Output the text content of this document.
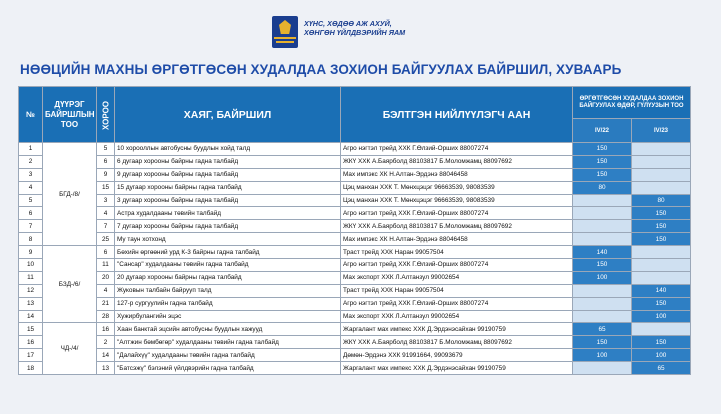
ХҮНС, ХӨДӨӨ АЖ АХУЙ,
ХӨНГӨН ҮЙЛДВЭРИЙН ЯАМ
НӨӨЦИЙН МАХНЫ ӨРГӨТГӨСӨН ХУДАЛДАА ЗОХИОН БАЙГУУЛАХ БАЙРШИЛ, ХУВААРЬ
№	ДҮҮРЭГ БАЙРШЛЫН ТОО	ХОРОО	ХАЯГ, БАЙРШИЛ	БЭЛТГЭН НИЙЛҮҮЛЭГЧ ААН	ӨРГӨТГӨСӨН ХУДАЛДАА ЗОХИОН БАЙГУУЛАХ ӨДӨР, ГҮЛҮУЗЫН ТОО	
					IV/22	IV/23
1	БГД-/8/	5	10 хорооллын автобусны буудлын хойд талд	Агро нэгтэл трейд ХХК Г.Өлзий-Орших 88007274	150	
2		6	6 дугаар хорооны байрны гадна талбайд	ЖКҮ ХХК А.Баярболд 88103817 Б.Моломжамц 88097692	150	
3		9	9 дугаар хорооны байрны гадна талбайд	Мах импэкс ХК Н.Алтан-Эрдэнэ 88046458	150	
4		15	15 дугаар хорооны байрны гадна талбайд	Цэц манхан ХХК Т. Мөнхцэцэг 96663539, 98083539	80	
5		3	3 дугаар хорооны байрны гадна талбайд	Цэц манхан ХХК Т. Мөнхцэцэг 96663539, 98083539		80
6		4	Астра худалдааны төвийн талбайд	Агро нэгтэл трейд ХХК Г.Өлзий-Орших 88007274		150
7		7	7 дугаар хорооны байрны гадна талбайд	ЖКҮ ХХК А.Баярболд 88103817 Б.Моломжамц 88097692		150
8		25	Му таун хотхонд	Мах импэкс ХК Н.Алтан-Эрдэнэ 88046458		150
9	БЗД-/6/	6	Бөхийн өргөөний урд К-3 байрны гадна талбайд	Траст трейд ХХК Наран 99057504	140	
10		11	"Сансар" худалдааны төвийн гадна талбайд	Агро нэгтэл трейд ХХК Г.Өлзий-Орших 88007274	150	
11		20	20 дугаар хорооны байрны гадна талбайд	Мах экспорт ХХК Л.Алтанзул 99002654	100	
12		4	Жуковын талбайн байрууп талд	Траст трейд ХХК Наран 99057504		140
13		21	127-р сургуулийн гадна талбайд	Агро нэгтэл трейд ХХК Г.Өлзий-Орших 88007274		150
14		28	Хужирбулангийн эцэс	Мах экспорт ХХК Л.Алтанзул 99002654		100
15	ЧД-/4/	16	Хаан банктай эцсийн автобусны буудлын хажууд	Жаргалант мах импекс ХХК Д.Эрдэнэсайхан 99190759	65	
16		2	"Алтжин бөмбөгөр" худалдааны төвийн гадна талбайд	ЖКҮ ХХК А.Баярболд 88103817 Б.Моломжамц 88097692	150	150
17		14	"Далайхүү" худалдааны төвийн гадна талбайд	Дөмөн-Эрдэнэ ХХК 91991664, 99093679	100	100
18		13	"Батсэжү" бэлэний үйлдвэрийн гадна талбайд	Жаргалант мах импекс ХХК Д.Эрдэнэсайхан 99190759		65
